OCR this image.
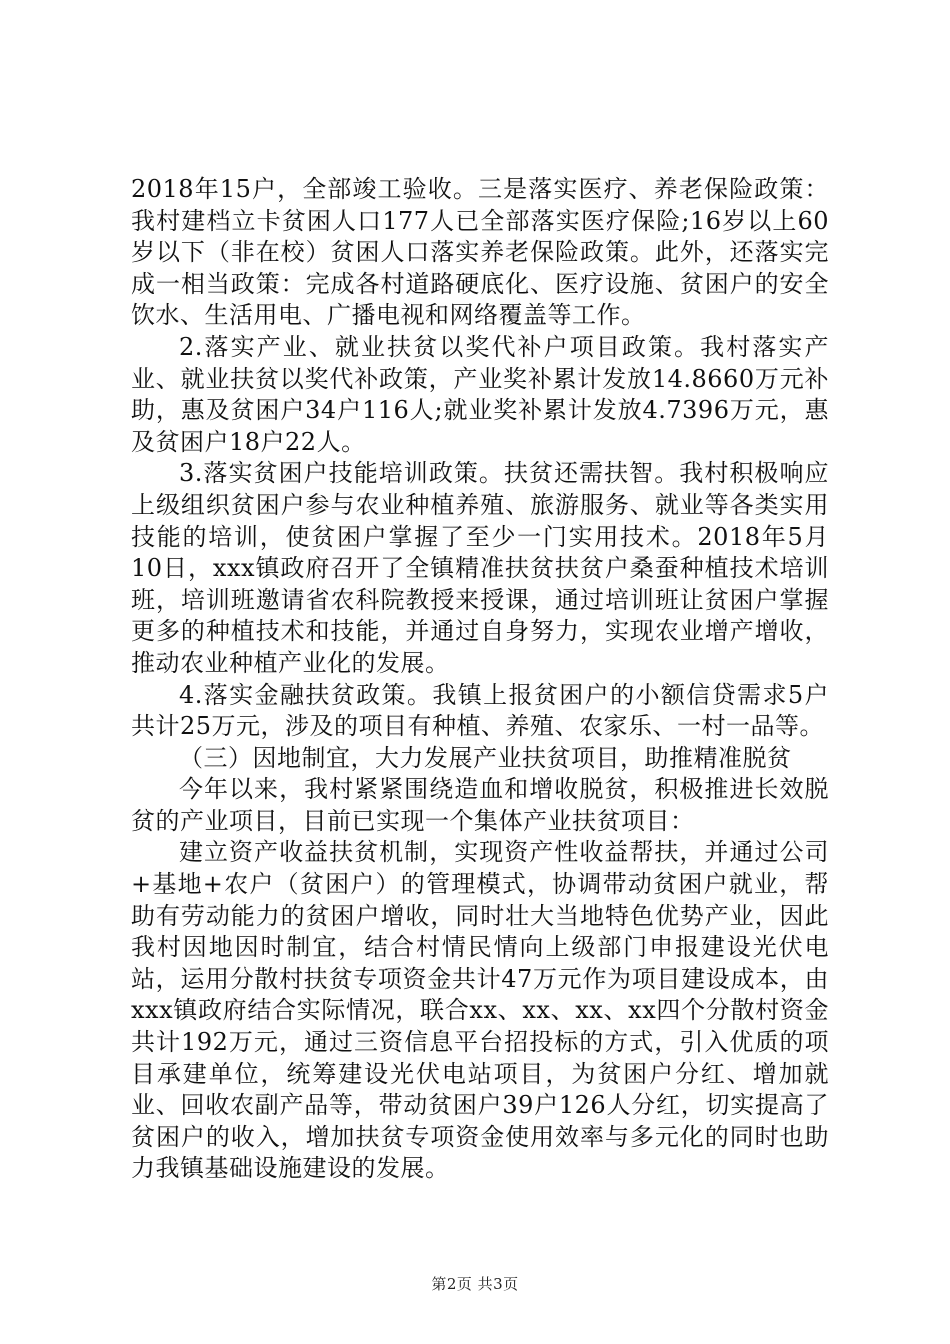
2018年15户，全部竣工验收。三是落实医疗、养老保险政策：我村建档立卡贫困人口177人已全部落实医疗保险;16岁以上60岁以下（非在校）贫困人口落实养老保险政策。此外，还落实完成一相当政策：完成各村道路硬底化、医疗设施、贫困户的安全饮水、生活用电、广播电视和网络覆盖等工作。

2.落实产业、就业扶贫以奖代补户项目政策。我村落实产业、就业扶贫以奖代补政策，产业奖补累计发放14.8660万元补助，惠及贫困户34户116人;就业奖补累计发放4.7396万元，惠及贫困户18户22人。

3.落实贫困户技能培训政策。扶贫还需扶智。我村积极响应上级组织贫困户参与农业种植养殖、旅游服务、就业等各类实用技能的培训，使贫困户掌握了至少一门实用技术。2018年5月10日，xxx镇政府召开了全镇精准扶贫扶贫户桑蚕种植技术培训班，培训班邀请省农科院教授来授课，通过培训班让贫困户掌握更多的种植技术和技能，并通过自身努力，实现农业增产增收，推动农业种植产业化的发展。

4.落实金融扶贫政策。我镇上报贫困户的小额信贷需求5户共计25万元，涉及的项目有种植、养殖、农家乐、一村一品等。

（三）因地制宜，大力发展产业扶贫项目，助推精准脱贫

今年以来，我村紧紧围绕造血和增收脱贫，积极推进长效脱贫的产业项目，目前已实现一个集体产业扶贫项目：

建立资产收益扶贫机制，实现资产性收益帮扶，并通过公司+基地+农户（贫困户）的管理模式，协调带动贫困户就业，帮助有劳动能力的贫困户增收，同时壮大当地特色优势产业，因此我村因地因时制宜，结合村情民情向上级部门申报建设光伏电站，运用分散村扶贫专项资金共计47万元作为项目建设成本，由xxx镇政府结合实际情况，联合xx、xx、xx、xx四个分散村资金共计192万元，通过三资信息平台招投标的方式，引入优质的项目承建单位，统筹建设光伏电站项目，为贫困户分红、增加就业、回收农副产品等，带动贫困户39户126人分红，切实提高了贫困户的收入，增加扶贫专项资金使用效率与多元化的同时也助力我镇基础设施建设的发展。

第2页 共3页
